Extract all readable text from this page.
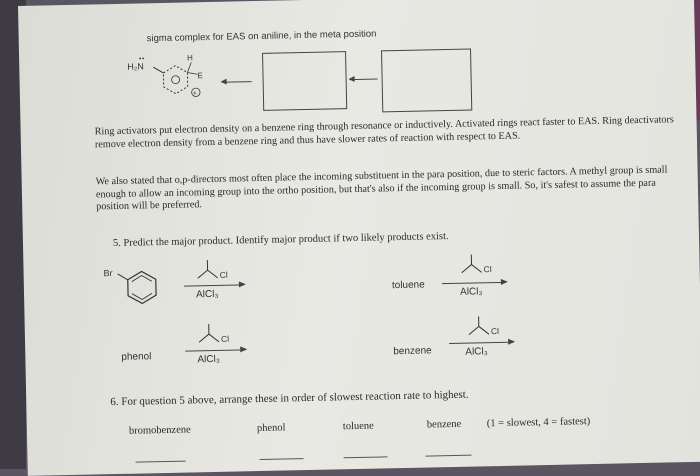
sigma complex for EAS on aniline, in the meta position
H₂N
H
E
+
Ring activators put electron density on a benzene ring through resonance or inductively. Activated rings react faster to EAS. Ring deactivators remove electron density from a benzene ring and thus have slower rates of reaction with respect to EAS.
We also stated that o,p-directors most often place the incoming substituent in the para position, due to steric factors. A methyl group is small enough to allow an incoming group into the ortho position, but that's also if the incoming group is small. So, it's safest to assume the para position will be preferred.
5. Predict the major product. Identify major product if two likely products exist.
Br	Cl
AlCl₃
toluene
Cl
AlCl₃
phenol
Cl
AlCl₃
benzene
Cl
AlCl₃
6. For question 5 above, arrange these in order of slowest reaction rate to highest.
bromobenzene	phenol	toluene	benzene (1 = slowest, 4 = fastest)
